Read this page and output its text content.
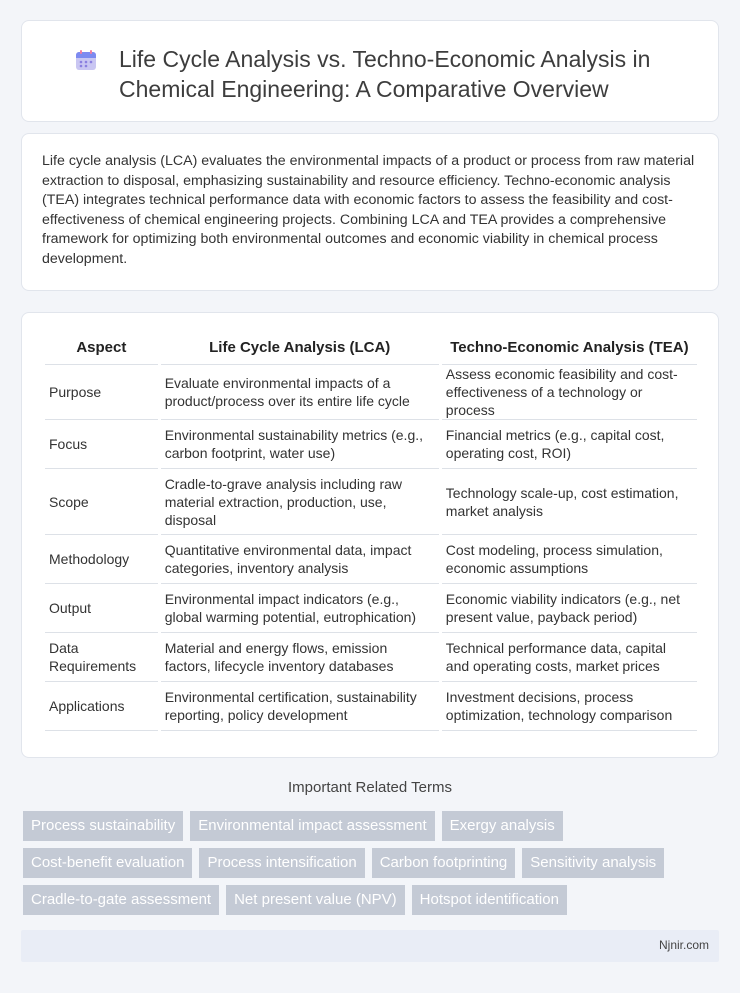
Life Cycle Analysis vs. Techno-Economic Analysis in Chemical Engineering: A Comparative Overview

Life cycle analysis (LCA) evaluates the environmental impacts of a product or process from raw material extraction to disposal, emphasizing sustainability and resource efficiency. Techno-economic analysis (TEA) integrates technical performance data with economic factors to assess the feasibility and cost-effectiveness of chemical engineering projects. Combining LCA and TEA provides a comprehensive framework for optimizing both environmental outcomes and economic viability in chemical process development.

Aspect	Life Cycle Analysis (LCA)	Techno-Economic Analysis (TEA)
Purpose	Evaluate environmental impacts of a product/process over its entire life cycle	Assess economic feasibility and cost-effectiveness of a technology or process
Focus	Environmental sustainability metrics (e.g., carbon footprint, water use)	Financial metrics (e.g., capital cost, operating cost, ROI)
Scope	Cradle-to-grave analysis including raw material extraction, production, use, disposal	Technology scale-up, cost estimation, market analysis
Methodology	Quantitative environmental data, impact categories, inventory analysis	Cost modeling, process simulation, economic assumptions
Output	Environmental impact indicators (e.g., global warming potential, eutrophication)	Economic viability indicators (e.g., net present value, payback period)
Data Requirements	Material and energy flows, emission factors, lifecycle inventory databases	Technical performance data, capital and operating costs, market prices
Applications	Environmental certification, sustainability reporting, policy development	Investment decisions, process optimization, technology comparison
Important Related Terms
Process sustainability	Environmental impact assessment	Exergy analysis
Cost-benefit evaluation	Process intensification	Carbon footprinting	Sensitivity analysis
Cradle-to-gate assessment	Net present value (NPV)	Hotspot identification
Njnir.com
